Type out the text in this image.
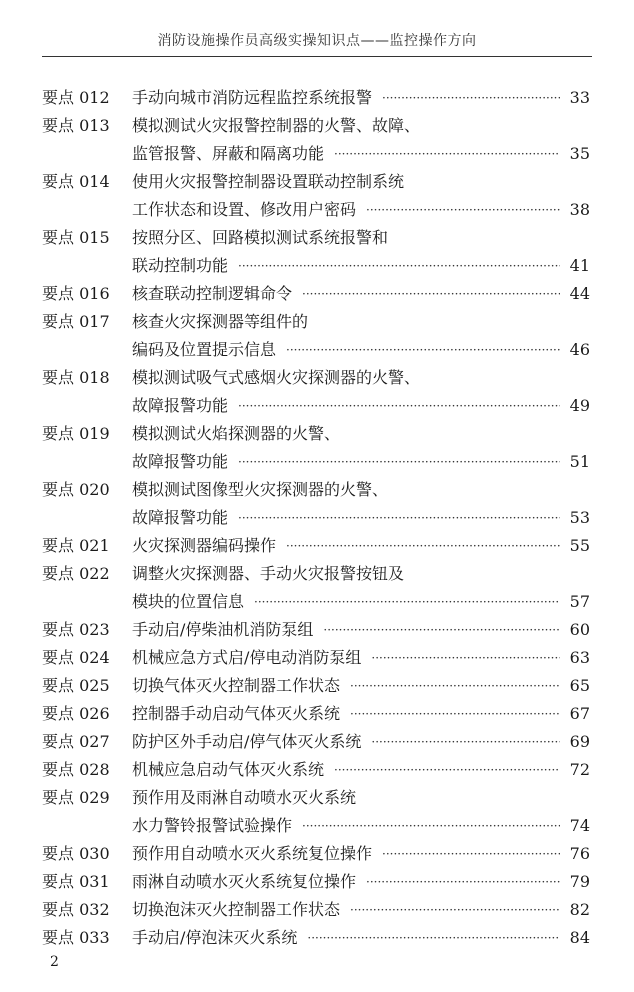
消防设施操作员高级实操知识点——监控操作方向
要点 012	手动向城市消防远程监控系统报警 ·····	33
要点 013	模拟测试火灾报警控制器的火警、故障、
监管报警、屏蔽和隔离功能 ·····	35
要点 014	使用火灾报警控制器设置联动控制系统
工作状态和设置、修改用户密码 ·····	38
要点 015	按照分区、回路模拟测试系统报警和
联动控制功能 ·····	41
要点 016	核查联动控制逻辑命令 ·····	44
要点 017	核查火灾探测器等组件的
编码及位置提示信息 ·····	46
要点 018	模拟测试吸气式感烟火灾探测器的火警、
故障报警功能 ·····	49
要点 019	模拟测试火焰探测器的火警、
故障报警功能 ·····	51
要点 020	模拟测试图像型火灾探测器的火警、
故障报警功能 ·····	53
要点 021	火灾探测器编码操作 ·····	55
要点 022	调整火灾探测器、手动火灾报警按钮及
模块的位置信息 ·····	57
要点 023	手动启/停柴油机消防泵组 ·····	60
要点 024	机械应急方式启/停电动消防泵组 ·····	63
要点 025	切换气体灭火控制器工作状态 ·····	65
要点 026	控制器手动启动气体灭火系统 ·····	67
要点 027	防护区外手动启/停气体灭火系统 ·····	69
要点 028	机械应急启动气体灭火系统 ·····	72
要点 029	预作用及雨淋自动喷水灭火系统
水力警铃报警试验操作 ·····	74
要点 030	预作用自动喷水灭火系统复位操作 ·····	76
要点 031	雨淋自动喷水灭火系统复位操作 ·····	79
要点 032	切换泡沫灭火控制器工作状态 ·····	82
要点 033	手动启/停泡沫灭火系统 ·····	84
2
